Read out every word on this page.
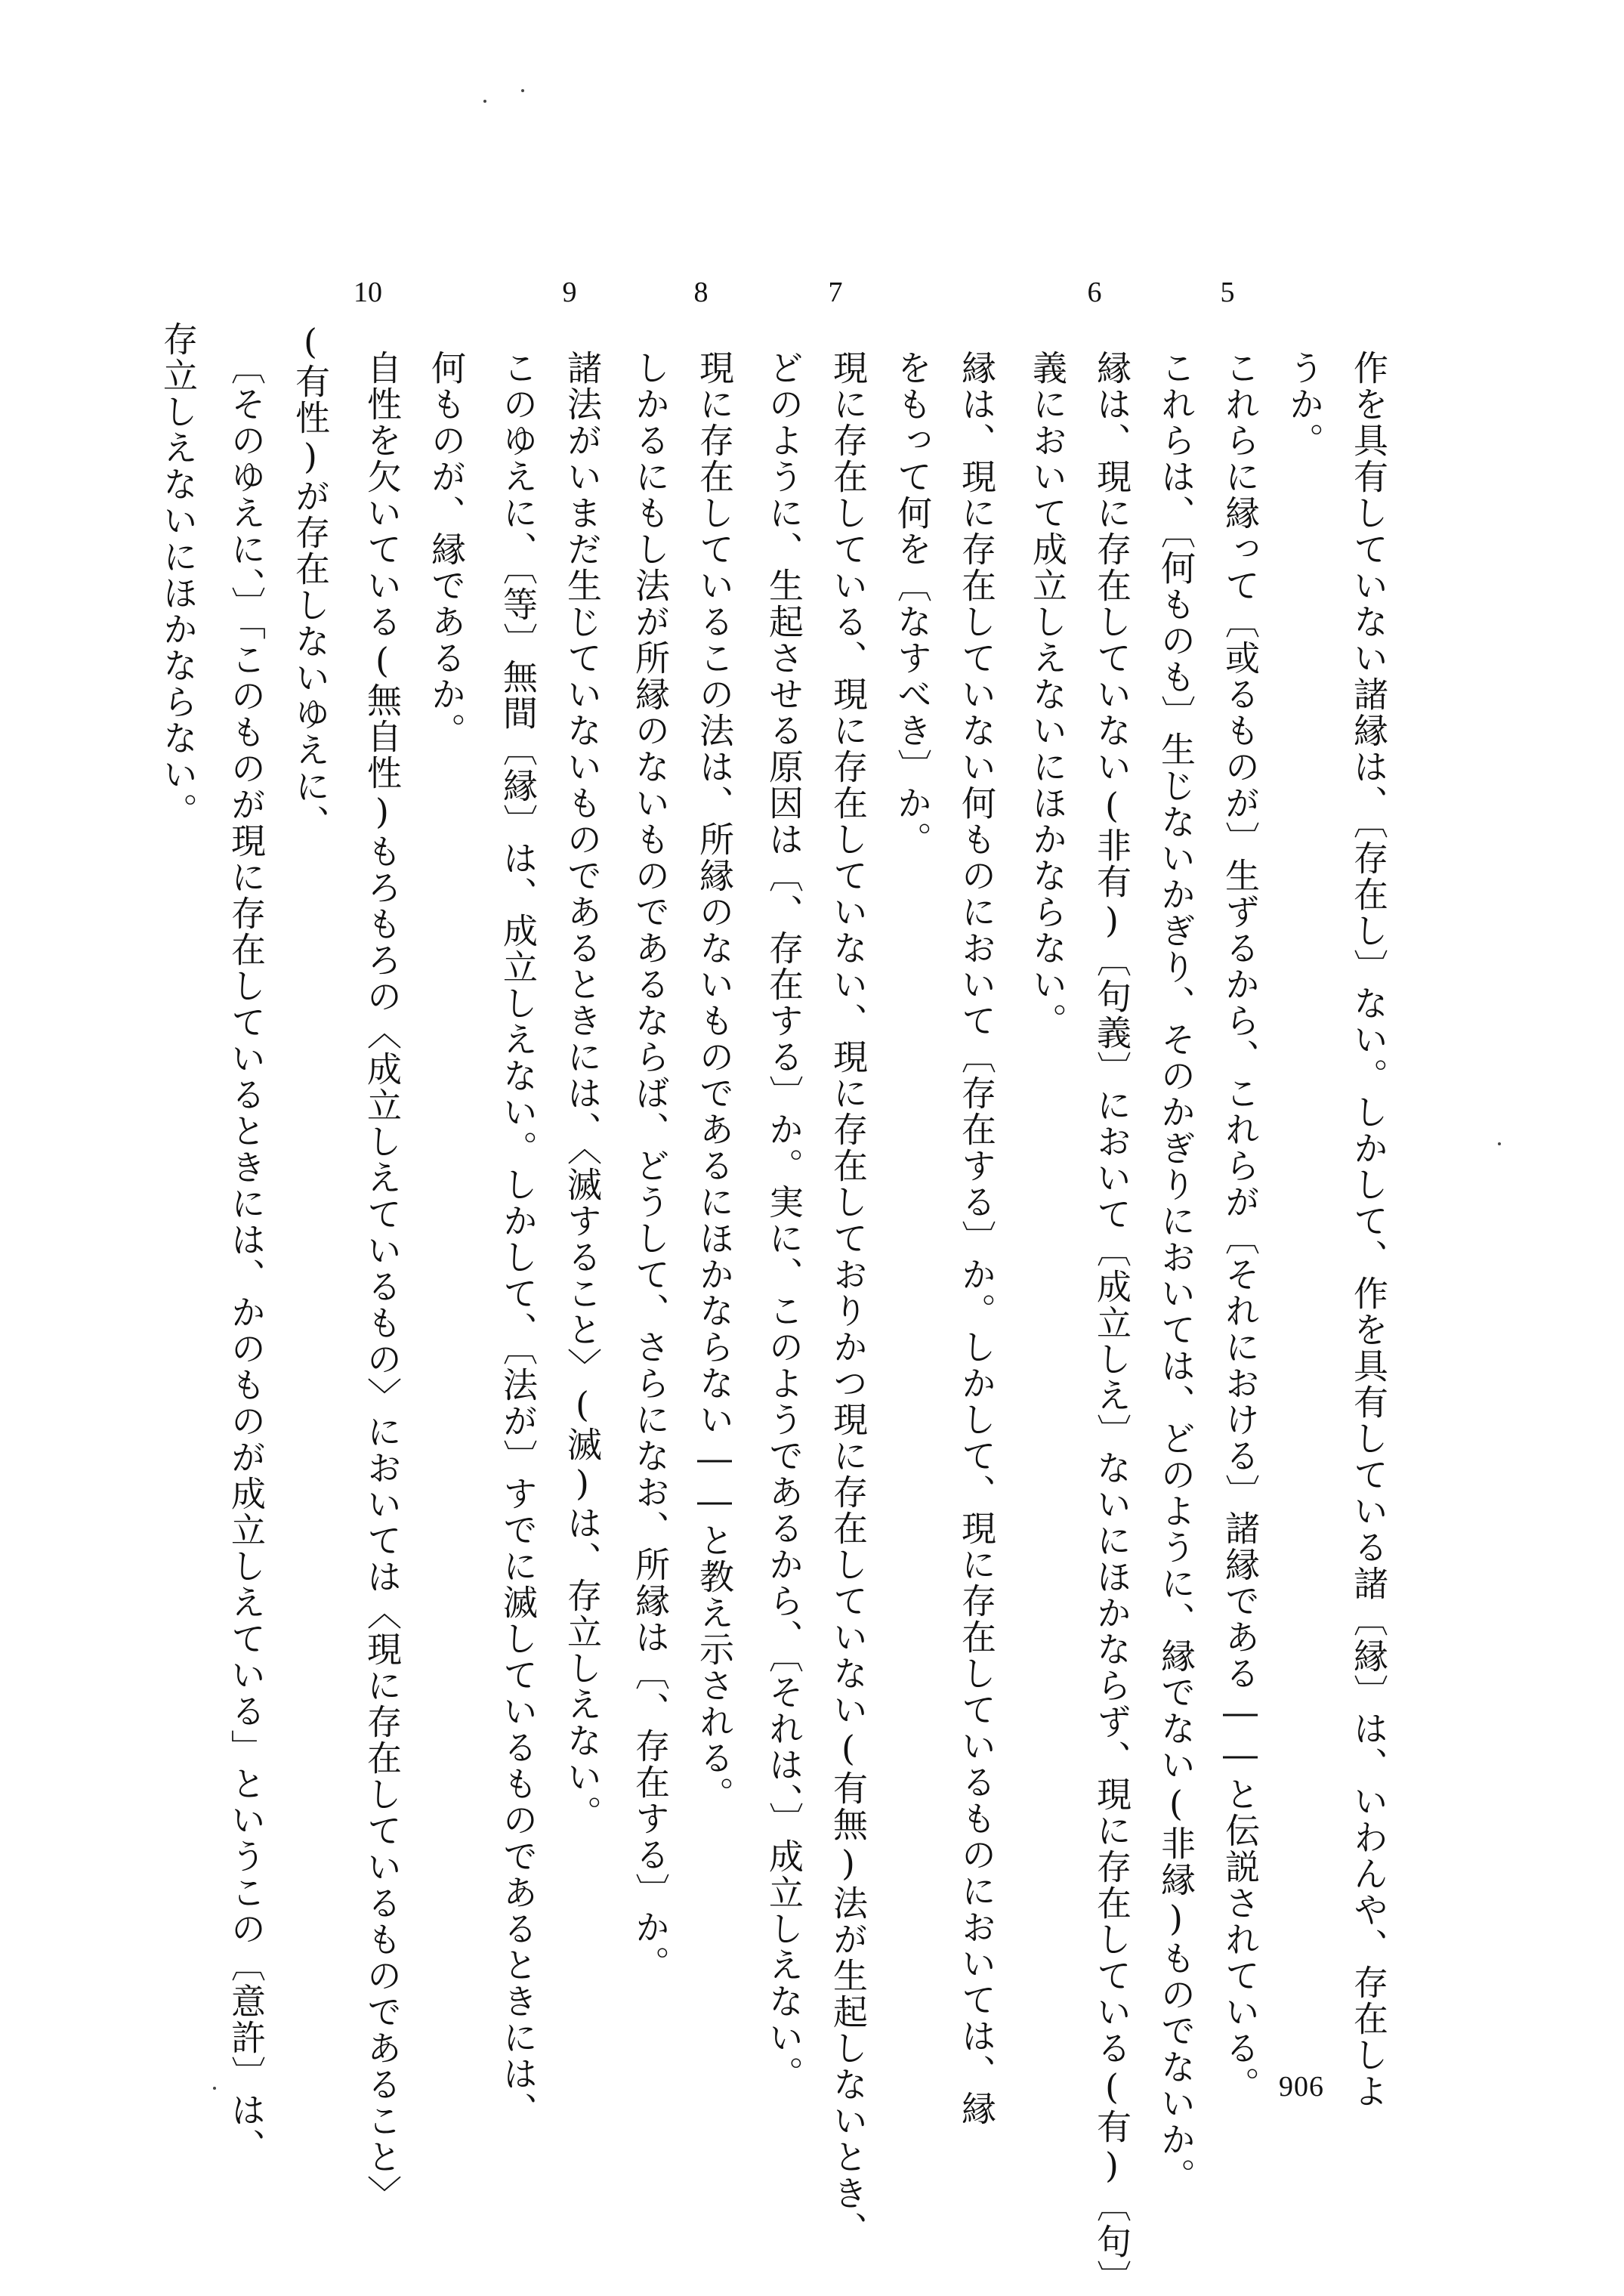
作を具有していない諸縁は、〔存在し〕ない。しかして、作を具有している諸〔縁〕は、いわんや、存在しよ
うか。
これらに縁って〔或るものが〕生ずるから、これらが〔それにおける〕諸縁である――と伝説されている。
これらは、〔何ものも〕生じないかぎり、そのかぎりにおいては、どのように、縁でない(非縁)ものでないか。
縁は、現に存在していない(非有)〔句義〕において〔成立しえ〕ないにほかならず、現に存在している(有)〔句〕
義において成立しえないにほかならない。
縁は、現に存在していない何ものにおいて〔存在する〕か。しかして、現に存在しているものにおいては、縁
をもって何を〔なすべき〕か。
現に存在している、現に存在していない、現に存在しておりかつ現に存在していない(有無)法が生起しないとき、
どのように、生起させる原因は〔、存在する〕か。実に、このようであるから、〔それは、〕成立しえない。
現に存在しているこの法は、所縁のないものであるにほかならない――と教え示される。
しかるにもし法が所縁のないものであるならば、どうして、さらになお、所縁は〔、存在する〕か。
諸法がいまだ生じていないものであるときには、〈滅すること〉(滅)は、存立しえない。
このゆえに、〔等〕無間〔縁〕は、成立しえない。しかして、〔法が〕すでに滅しているものであるときには、
何ものが、縁であるか。
自性を欠いている(無自性)もろもろの〈成立しえているもの〉においては〈現に存在しているものであること〉
(有性)が存在しないゆえに、
〔そのゆえに、〕「このものが現に存在しているときには、かのものが成立しえている」というこの〔意許〕は、
存立しえないにほかならない。
5
6
7
8
9
10
906
